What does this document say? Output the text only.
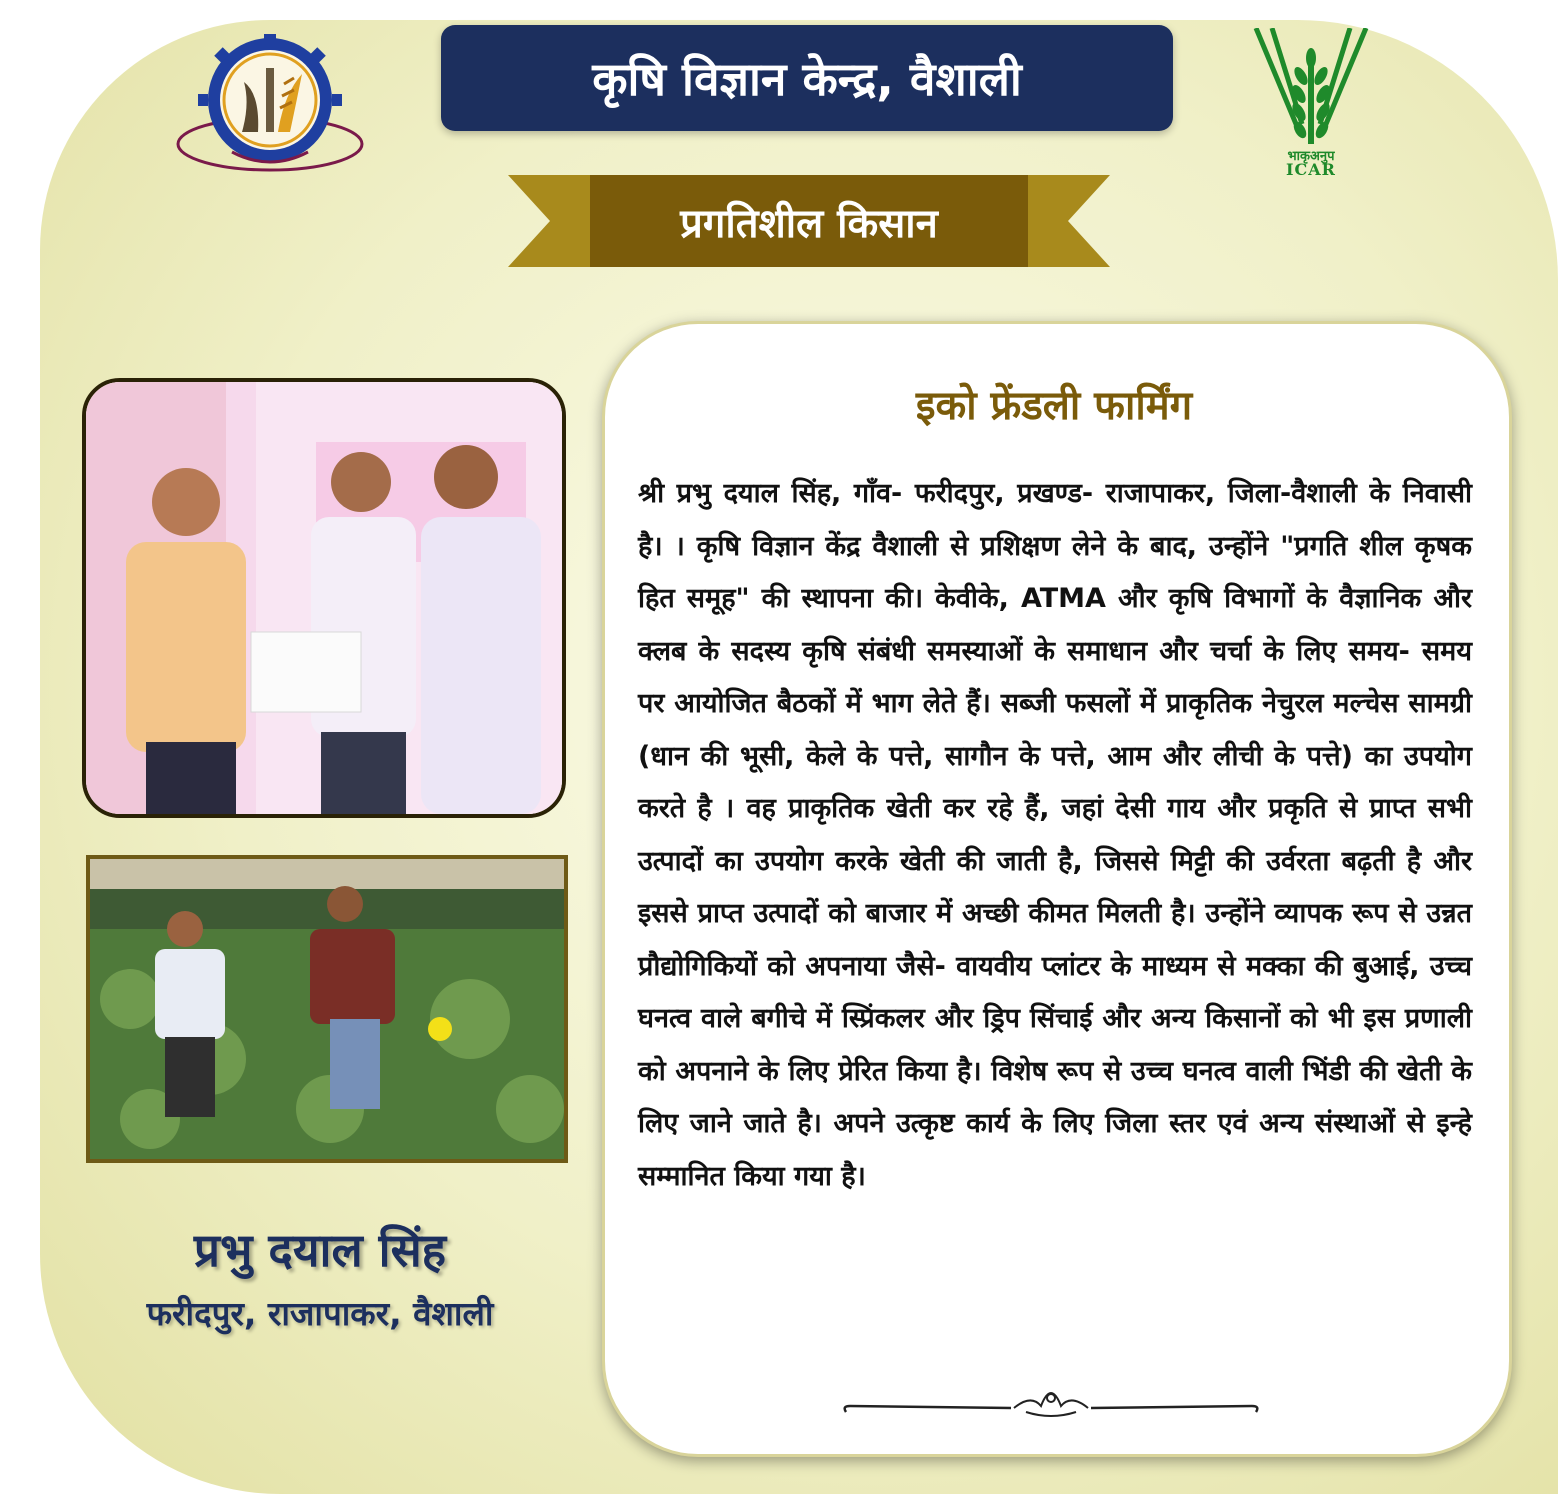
भाकृअनुप
ICAR
कृषि विज्ञान केन्द्र, वैशाली
प्रगतिशील किसान
प्रभु दयाल सिंह
फरीदपुर, राजापाकर, वैशाली
इको फ्रेंडली फार्मिंग

श्री प्रभु दयाल सिंह, गाँव- फरीदपुर, प्रखण्ड- राजापाकर, जिला-वैशाली के निवासी है। । कृषि विज्ञान केंद्र वैशाली से प्रशिक्षण लेने के बाद, उन्होंने "प्रगति शील कृषक हित समूह" की स्थापना की। केवीके, ATMA और कृषि विभागों के वैज्ञानिक और क्लब के सदस्य कृषि संबंधी समस्याओं के समाधान और चर्चा के लिए समय- समय पर आयोजित बैठकों में भाग लेते हैं। सब्जी फसलों में प्राकृतिक नेचुरल मल्चेस सामग्री (धान की भूसी, केले के पत्ते, सागौन के पत्ते, आम और लीची के पत्ते) का उपयोग करते है । वह प्राकृतिक खेती कर रहे हैं, जहां देसी गाय और प्रकृति से प्राप्त सभी उत्पादों का उपयोग करके खेती की जाती है, जिससे मिट्टी की उर्वरता बढ़ती है और इससे प्राप्त उत्पादों को बाजार में अच्छी कीमत मिलती है। उन्होंने व्यापक रूप से उन्नत प्रौद्योगिकियों को अपनाया जैसे- वायवीय प्लांटर के माध्यम से मक्का की बुआई, उच्च घनत्व वाले बगीचे में स्प्रिंकलर और ड्रिप सिंचाई और अन्य किसानों को भी इस प्रणाली को अपनाने के लिए प्रेरित किया है। विशेष रूप से उच्च घनत्व वाली भिंडी की खेती के लिए जाने जाते है। अपने उत्कृष्ट कार्य के लिए जिला स्तर एवं अन्य संस्थाओं से इन्हे सम्मानित किया गया है।
